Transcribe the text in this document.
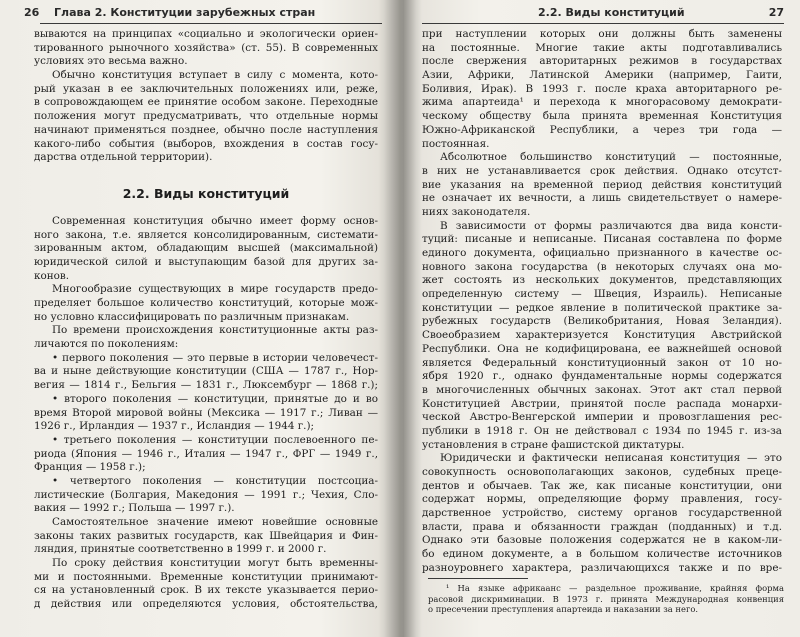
26 Глава 2. Конституции зарубежных стран
вываются на принципах «социально и экологически ориен-
тированного рыночного хозяйства» (ст. 55). В современных
условиях это весьма важно.
Обычно конституция вступает в силу с момента, кото-
рый указан в ее заключительных положениях или, реже,
в сопровождающем ее принятие особом законе. Переходные
положения могут предусматривать, что отдельные нормы
начинают применяться позднее, обычно после наступления
какого-либо события (выборов, вхождения в состав госу-
дарства отдельной территории).
2.2. Виды конституций
Современная конституция обычно имеет форму основ-
ного закона, т.е. является консолидированным, системати-
зированным актом, обладающим высшей (максимальной)
юридической силой и выступающим базой для других за-
конов.
Многообразие существующих в мире государств предо-
пределяет большое количество конституций, которые мож-
но условно классифицировать по различным признакам.
По времени происхождения конституционные акты раз-
личаются по поколениям:
• первого поколения — это первые в истории человечест-
ва и ныне действующие конституции (США — 1787 г., Нор-
вегия — 1814 г., Бельгия — 1831 г., Люксембург — 1868 г.);
• второго поколения — конституции, принятые до и во
время Второй мировой войны (Мексика — 1917 г.; Ливан —
1926 г., Ирландия — 1937 г., Исландия — 1944 г.);
• третьего поколения — конституции послевоенного пе-
риода (Япония — 1946 г., Италия — 1947 г., ФРГ — 1949 г.,
Франция — 1958 г.);
• четвертого поколения — конституции постсоциа-
листические (Болгария, Македония — 1991 г.; Чехия, Сло-
вакия — 1992 г.; Польша — 1997 г.).
Самостоятельное значение имеют новейшие основные
законы таких развитых государств, как Швейцария и Фин-
ляндия, принятые соответственно в 1999 г. и 2000 г.
По сроку действия конституции могут быть временны-
ми и постоянными. Временные конституции принимают-
ся на установленный срок. В их тексте указывается перио-
д действия или определяются условия, обстоятельства,
2.2. Виды конституций	27
при наступлении которых они должны быть заменены
на постоянные. Многие такие акты подготавливались
после свержения авторитарных режимов в государствах
Азии, Африки, Латинской Америки (например, Гаити,
Боливия, Ирак). В 1993 г. после краха авторитарного ре-
жима апартеида¹ и перехода к многорасовому демократи-
ческому обществу была принята временная Конституция
Южно-Африканской Республики, а через три года —
постоянная.
Абсолютное большинство конституций — постоянные,
в них не устанавливается срок действия. Однако отсутст-
вие указания на временной период действия конституций
не означает их вечности, а лишь свидетельствует о намере-
ниях законодателя.
В зависимости от формы различаются два вида консти-
туций: писаные и неписаные. Писаная составлена по форме
единого документа, официально признанного в качестве ос-
новного закона государства (в некоторых случаях она мо-
жет состоять из нескольких документов, представляющих
определенную систему — Швеция, Израиль). Неписаные
конституции — редкое явление в политической практике за-
рубежных государств (Великобритания, Новая Зеландия).
Своеобразием характеризуется Конституция Австрийской
Республики. Она не кодифицирована, ее важнейшей основой
является Федеральный конституционный закон от 10 но-
ября 1920 г., однако фундаментальные нормы содержатся
в многочисленных обычных законах. Этот акт стал первой
Конституцией Австрии, принятой после распада монархи-
ческой Австро-Венгерской империи и провозглашения рес-
публики в 1918 г. Он не действовал с 1934 по 1945 г. из-за
установления в стране фашистской диктатуры.
Юридически и фактически неписаная конституция — это
совокупность основополагающих законов, судебных преце-
дентов и обычаев. Так же, как писаные конституции, они
содержат нормы, определяющие форму правления, госу-
дарственное устройство, систему органов государственной
власти, права и обязанности граждан (подданных) и т.д.
Однако эти базовые положения содержатся не в каком-ли-
бо едином документе, а в большом количестве источников
разноуровнего характера, различающихся также и по вре-
¹ На языке африкаанс — раздельное проживание, крайняя форма
расовой дискриминации. В 1973 г. принята Международная конвенция
о пресечении преступления апартеида и наказании за него.
